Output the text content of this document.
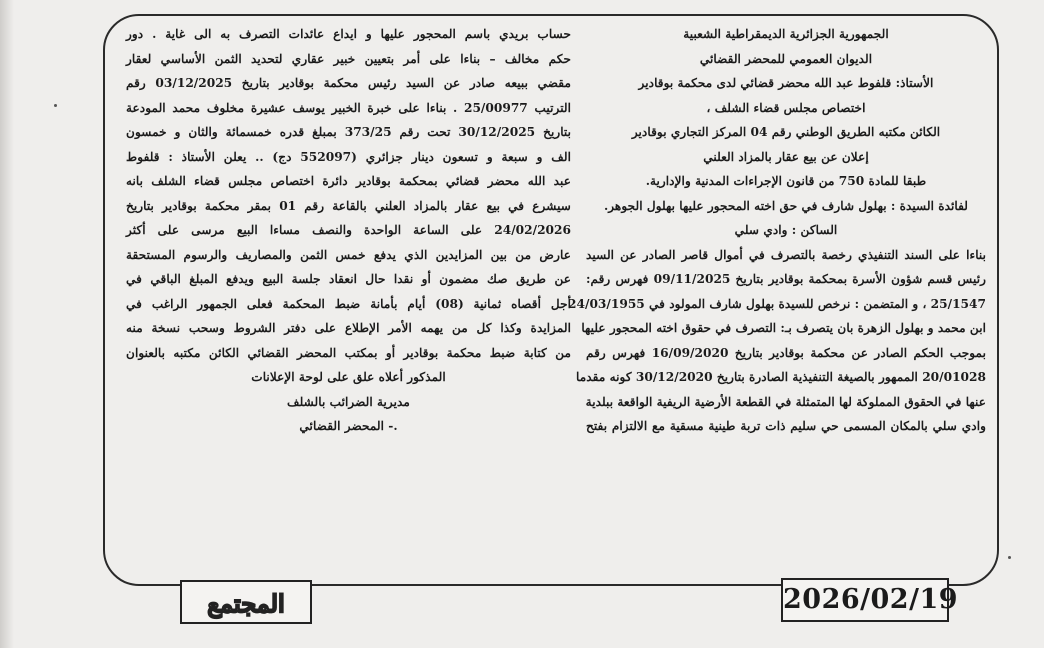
الجمهورية الجزائرية الديمقراطية الشعبية
الديوان العمومي للمحضر القضائي
الأستاذ: قلفوط عبد الله محضر قضائي لدى محكمة بوقادير
اختصاص مجلس قضاء الشلف ،
الكائن مكتبه الطريق الوطني رقم 04 المركز التجاري بوقادير
إعلان عن بيع عقار بالمزاد العلني
طبقا للمادة 750 من قانون الإجراءات المدنية والإدارية.
لفائدة السيدة : بهلول شارف في حق اخته المحجور عليها بهلول الجوهر.
الساكن : وادي سلي
بناءا على السند التنفيذي رخصة بالتصرف في أموال قاصر الصادر عن السيد
رئيس قسم شؤون الأسرة بمحكمة بوقادير بتاريخ 09/11/2025 فهرس رقم:
25/1547 ، و المتضمن : نرخص للسيدة بهلول شارف المولود في 24/03/1955
ابن محمد و بهلول الزهرة بان يتصرف بـ: التصرف في حقوق اخته المحجور عليها
بموجب الحكم الصادر عن محكمة بوقادير بتاريخ 16/09/2020 فهرس رقم
20/01028 الممهور بالصيغة التنفيذية الصادرة بتاريخ 30/12/2020 كونه مقدما
عنها في الحقوق المملوكة لها المتمثلة في القطعة الأرضية الريفية الواقعة ببلدية
وادي سلي بالمكان المسمى حي سليم ذات تربة طينية مسقية مع الالتزام بفتح
حساب بريدي باسم المحجور عليها و ايداع عائدات التصرف به الى غاية . دور
حكم مخالف – بناءا على أمر بتعيين خبير عقاري لتحديد الثمن الأساسي لعقار
مقضي ببيعه صادر عن السيد رئيس محكمة بوقادير بتاريخ 03/12/2025 رقم
الترتيب 25/00977 . بناءا على خبرة الخبير يوسف عشيرة مخلوف محمد المودعة
بتاريخ 30/12/2025 تحت رقم 373/25 بمبلغ قدره خمسمائة والثان و خمسون
الف و سبعة و تسعون دينار جزائري (552097 دج) .. يعلن الأستاذ : قلفوط
عبد الله محضر قضائي بمحكمة بوقادير دائرة اختصاص مجلس قضاء الشلف بانه
سيشرع في بيع عقار بالمزاد العلني بالقاعة رقم 01 بمقر محكمة بوقادير بتاريخ
24/02/2026 على الساعة الواحدة والنصف مساءا البيع مرسى على أكثر
عارض من بين المزايدين الذي يدفع خمس الثمن والمصاريف والرسوم المستحقة
عن طريق صك مضمون أو نقدا حال انعقاد جلسة البيع ويدفع المبلغ الباقي في
أجل أقصاه ثمانية (08) أيام بأمانة ضبط المحكمة فعلى الجمهور الراغب في
المزايدة وكذا كل من يهمه الأمر الإطلاع على دفتر الشروط وسحب نسخة منه
من كتابة ضبط محكمة بوقادير أو بمكتب المحضر القضائي الكائن مكتبه بالعنوان
المذكور أعلاه علق على لوحة الإعلانات
مديرية الضرائب بالشلف
.- المحضر القضائي
المجتمع	2026/02/19
